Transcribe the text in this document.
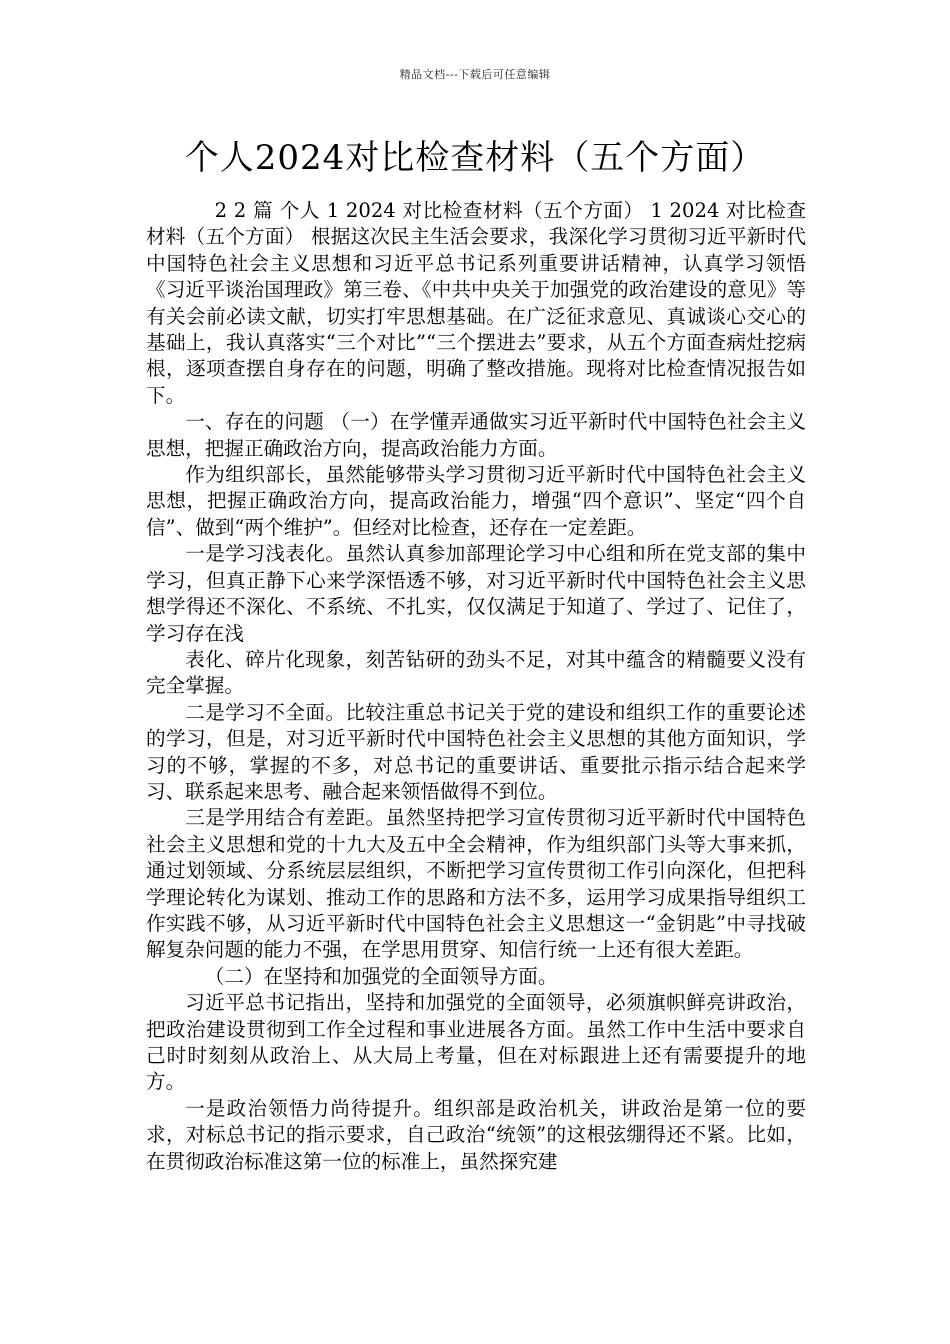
精品文档---下载后可任意编辑
个人2024对比检查材料（五个方面）

2 2 篇 个人 1 2024 对比检查材料（五个方面） 1 2024 对比检查材料（五个方面） 根据这次民主生活会要求，我深化学习贯彻习近平新时代中国特色社会主义思想和习近平总书记系列重要讲话精神，认真学习领悟《习近平谈治国理政》第三卷、《中共中央关于加强党的政治建设的意见》等有关会前必读文献，切实打牢思想基础。在广泛征求意见、真诚谈心交心的基础上，我认真落实“三个对比”“三个摆进去”要求，从五个方面查病灶挖病根，逐项查摆自身存在的问题，明确了整改措施。现将对比检查情况报告如下。

一、存在的问题 （一）在学懂弄通做实习近平新时代中国特色社会主义思想，把握正确政治方向，提高政治能力方面。

作为组织部长，虽然能够带头学习贯彻习近平新时代中国特色社会主义思想，把握正确政治方向，提高政治能力，增强“四个意识”、坚定“四个自信”、做到“两个维护”。但经对比检查，还存在一定差距。

一是学习浅表化。虽然认真参加部理论学习中心组和所在党支部的集中学习，但真正静下心来学深悟透不够，对习近平新时代中国特色社会主义思想学得还不深化、不系统、不扎实，仅仅满足于知道了、学过了、记住了，学习存在浅

表化、碎片化现象，刻苦钻研的劲头不足，对其中蕴含的精髓要义没有完全掌握。

二是学习不全面。比较注重总书记关于党的建设和组织工作的重要论述的学习，但是，对习近平新时代中国特色社会主义思想的其他方面知识，学习的不够，掌握的不多，对总书记的重要讲话、重要批示指示结合起来学习、联系起来思考、融合起来领悟做得不到位。

三是学用结合有差距。虽然坚持把学习宣传贯彻习近平新时代中国特色社会主义思想和党的十九大及五中全会精神，作为组织部门头等大事来抓，通过划领域、分系统层层组织，不断把学习宣传贯彻工作引向深化，但把科学理论转化为谋划、推动工作的思路和方法不多，运用学习成果指导组织工作实践不够，从习近平新时代中国特色社会主义思想这一“金钥匙”中寻找破解复杂问题的能力不强，在学思用贯穿、知信行统一上还有很大差距。

（二）在坚持和加强党的全面领导方面。

习近平总书记指出，坚持和加强党的全面领导，必须旗帜鲜亮讲政治，把政治建设贯彻到工作全过程和事业进展各方面。虽然工作中生活中要求自己时时刻刻从政治上、从大局上考量，但在对标跟进上还有需要提升的地方。

一是政治领悟力尚待提升。组织部是政治机关，讲政治是第一位的要求，对标总书记的指示要求，自己政治“统领”的这根弦绷得还不紧。比如，在贯彻政治标准这第一位的标准上，虽然探究建
